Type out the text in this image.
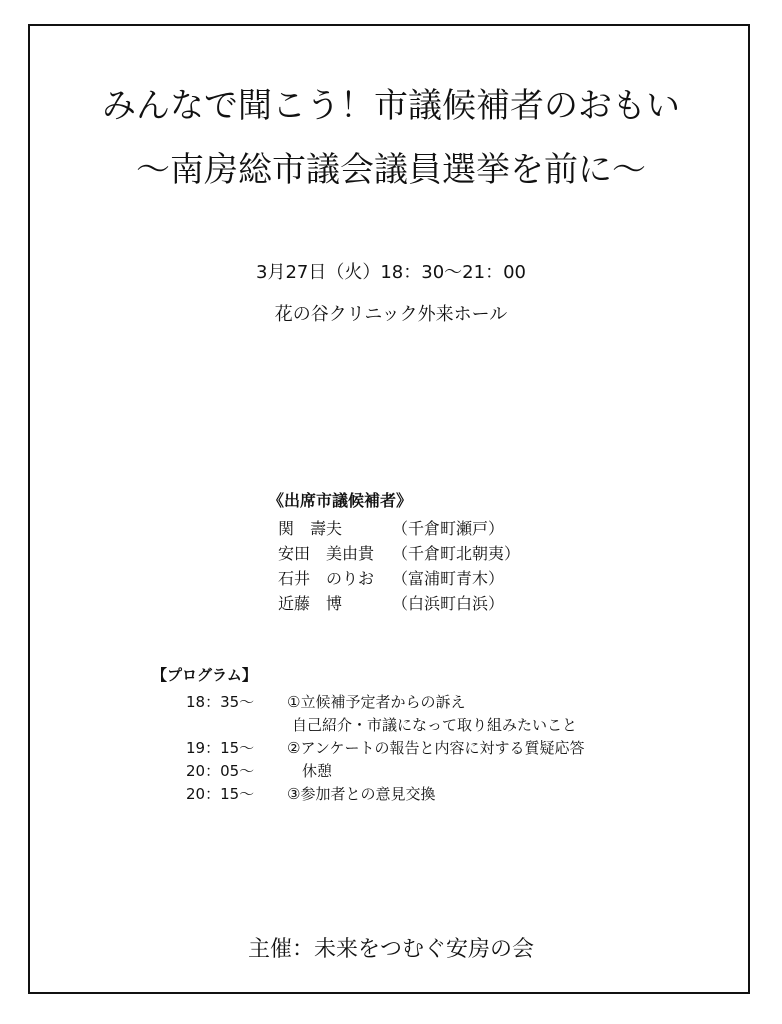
みんなで聞こう！市議候補者のおもい
～南房総市議会議員選挙を前に～
3月27日（火）18：30～21：00
花の谷クリニック外来ホール
《出席市議候補者》
関　壽夫	（千倉町瀬戸）
安田　美由貴 （千倉町北朝夷）
石井　のりお （富浦町青木）
近藤　博	（白浜町白浜）
【プログラム】
18：35～ ①立候補予定者からの訴え
自己紹介・市議になって取り組みたいこと
19：15～ ②アンケートの報告と内容に対する質疑応答
20：05～ 　休憩
20：15～ ③参加者との意見交換
主催：未来をつむぐ安房の会
